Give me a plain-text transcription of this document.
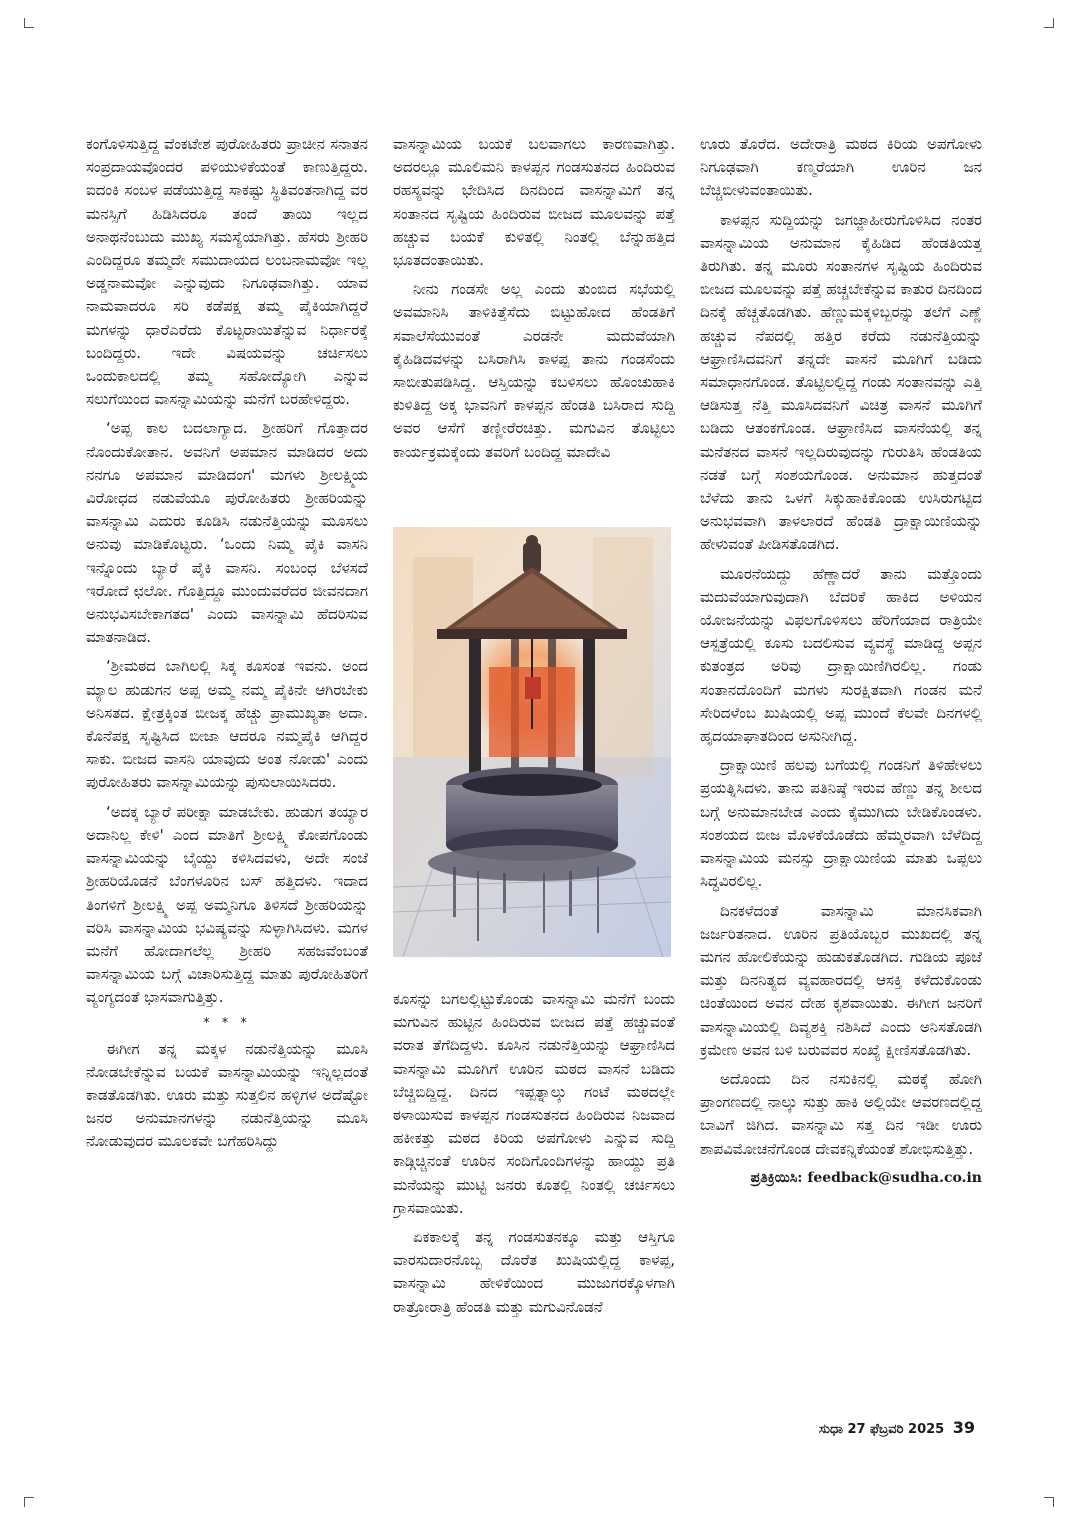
ಕಂಗೊಳಿಸುತ್ತಿದ್ದ ವೆಂಕಟೇಶ ಪುರೋಹಿತರು ಪ್ರಾಚೀನ ಸನಾತನ ಸಂಪ್ರದಾಯವೊಂದರ ಪಳಿಯುಳಿಕೆಯಂತೆ ಕಾಣುತ್ತಿದ್ದರು. ಐದಂಕಿ ಸಂಬಳ ಪಡೆಯುತ್ತಿದ್ದ ಸಾಕಷ್ಟು ಸ್ಥಿತಿವಂತನಾಗಿದ್ದ ವರ ಮನಸ್ಸಿಗೆ ಹಿಡಿಸಿದರೂ ತಂದೆ ತಾಯಿ ಇಲ್ಲದ ಅನಾಥನೆಂಬುದು ಮುಖ್ಯ ಸಮಸ್ಯೆಯಾಗಿತ್ತು. ಹೆಸರು ಶ್ರೀಹರಿ ಎಂದಿದ್ದರೂ ತಮ್ಮದೇ ಸಮುದಾಯದ ಲಂಬನಾಮವೋ ಇಲ್ಲ ಅಡ್ಡನಾಮವೋ ಎನ್ನುವುದು ನಿಗೂಢವಾಗಿತ್ತು. ಯಾವ ನಾಮವಾದರೂ ಸರಿ ಕಡೆಪಕ್ಷ ತಮ್ಮ ಪೈಕಿಯಾಗಿದ್ದರೆ ಮಗಳನ್ನು ಧಾರೆಎರೆದು ಕೊಟ್ಟರಾಯಿತೆನ್ನುವ ನಿರ್ಧಾರಕ್ಕೆ ಬಂದಿದ್ದರು. ಇದೇ ವಿಷಯವನ್ನು ಚರ್ಚಿಸಲು ಒಂದುಕಾಲದಲ್ಲಿ ತಮ್ಮ ಸಹೋದ್ಯೋಗಿ ಎನ್ನುವ ಸಲುಗೆಯಿಂದ ವಾಸನ್ನಾಮಿಯನ್ನು ಮನೆಗೆ ಬರಹೇಳಿದ್ದರು.

‘ಅಪ್ಪ ಕಾಲ ಬದಲಾಗ್ಯಾದ. ಶ್ರೀಹರಿಗೆ ಗೊತ್ತಾದರ ನೊಂದುಕೋತಾನ. ಅವನಿಗೆ ಅಪಮಾನ ಮಾಡಿದರ ಅದು ನನಗೂ ಅಪಮಾನ ಮಾಡಿದಂಗ' ಮಗಳು ಶ್ರೀಲಕ್ಷ್ಮಿಯ ವಿರೋಧದ ನಡುವೆಯೂ ಪುರೋಹಿತರು ಶ್ರೀಹರಿಯನ್ನು ವಾಸನ್ನಾಮಿ ಎದುರು ಕೂಡಿಸಿ ನಡುನೆತ್ತಿಯನ್ನು ಮೂಸಲು ಅನುವು ಮಾಡಿಕೊಟ್ಟರು. ‘ಒಂದು ನಿಮ್ಮ ಪೈಕಿ ವಾಸನಿ ಇನ್ನೊಂದು ಬ್ಯಾರೆ ಪೈಕಿ ವಾಸನಿ. ಸಂಬಂಧ ಬೆಳಸದೆ ಇರೋದೆ ಛಲೋ. ಗೊತ್ತಿದ್ದೂ ಮುಂದುವರೆದರ ಜೀವನದಾಗ ಅನುಭವಿಸಬೇಕಾಗತದ' ಎಂದು ವಾಸನ್ನಾಮಿ ಹೆದರಿಸುವ ಮಾತನಾಡಿದ.

‘ಶ್ರೀಮಠದ ಬಾಗಿಲಲ್ಲಿ ಸಿಕ್ಕ ಕೂಸಂತ ಇವನು. ಅಂದ ಮ್ಯಾಲ ಹುಡುಗನ ಅಪ್ಪ ಅಮ್ಮ ನಮ್ಮ ಪೈಕಿನೇ ಆಗಿರಬೇಕು ಅನಿಸತದ. ಕ್ಷೇತ್ರಕ್ಕಿಂತ ಬೀಜಕ್ಕ ಹೆಚ್ಚು ಪ್ರಾಮುಖ್ಯತಾ ಅದಾ. ಕೊನೆಪಕ್ಷ ಸೃಷ್ಟಿಸಿದ ಬೀಜಾ ಆದರೂ ನಮ್ಮಪೈಕಿ ಆಗಿದ್ದರ ಸಾಕು. ಬೀಜದ ವಾಸನಿ ಯಾವುದು ಅಂತ ನೋಡು' ಎಂದು ಪುರೋಹಿತರು ವಾಸನ್ನಾಮಿಯನ್ನು ಪುಸುಲಾಯಿಸಿದರು.

‘ಅದಕ್ಕ ಬ್ಯಾರೆ ಪರೀಕ್ಷಾ ಮಾಡಬೇಕು. ಹುಡುಗ ತಯ್ಯಾರ ಅದಾನಿಲ್ಲ ಕೇಳಿ' ಎಂದ ಮಾತಿಗೆ ಶ್ರೀಲಕ್ಷ್ಮಿ ಕೋಪಗೊಂಡು ವಾಸನ್ನಾಮಿಯನ್ನು ಬೈಯ್ದು ಕಳಿಸಿದವಳು, ಅದೇ ಸಂಜೆ ಶ್ರೀಹರಿಯೊಡನೆ ಬೆಂಗಳೂರಿನ ಬಸ್ ಹತ್ತಿದಳು. ಇದಾದ ತಿಂಗಳಿಗೆ ಶ್ರೀಲಕ್ಷ್ಮಿ ಅಪ್ಪ ಅಮ್ಮನಿಗೂ ತಿಳಿಸದೆ ಶ್ರೀಹರಿಯನ್ನು ವರಿಸಿ ವಾಸನ್ನಾಮಿಯ ಭವಿಷ್ಯವನ್ನು ಸುಳ್ಳಾಗಿಸಿದಳು. ಮಗಳ ಮನೆಗೆ ಹೋದಾಗಲೆಲ್ಲ ಶ್ರೀಹರಿ ಸಹಜವೆಂಬಂತೆ ವಾಸನ್ನಾಮಿಯ ಬಗ್ಗೆ ವಿಚಾರಿಸುತ್ತಿದ್ದ ಮಾತು ಪುರೋಹಿತರಿಗೆ ವ್ಯಂಗ್ಯದಂತೆ ಭಾಸವಾಗುತ್ತಿತ್ತು.

* * *

ಈಗೀಗ ತನ್ನ ಮಕ್ಕಳ ನಡುನೆತ್ತಿಯನ್ನು ಮೂಸಿ ನೋಡಬೇಕೆನ್ನುವ ಬಯಕೆ ವಾಸನ್ನಾಮಿಯನ್ನು ಇನ್ನಿಲ್ಲದಂತೆ ಕಾಡತೊಡಗಿತು. ಊರು ಮತ್ತು ಸುತ್ತಲಿನ ಹಳ್ಳಿಗಳ ಅದೆಷ್ಟೋ ಜನರ ಅನುಮಾನಗಳನ್ನು ನಡುನೆತ್ತಿಯನ್ನು ಮೂಸಿ ನೋಡುವುದರ ಮೂಲಕವೇ ಬಗೆಹರಿಸಿದ್ದು

ವಾಸನ್ನಾಮಿಯ ಬಯಕೆ ಬಲವಾಗಲು ಕಾರಣವಾಗಿತ್ತು. ಅದರಲ್ಲೂ ಮೂಲಿಮನಿ ಕಾಳಪ್ಪನ ಗಂಡಸುತನದ ಹಿಂದಿರುವ ರಹಸ್ಯವನ್ನು ಭೇದಿಸಿದ ದಿನದಿಂದ ವಾಸನ್ನಾಮಿಗೆ ತನ್ನ ಸಂತಾನದ ಸೃಷ್ಟಿಯ ಹಿಂದಿರುವ ಬೀಜದ ಮೂಲವನ್ನು ಪತ್ತೆ ಹಚ್ಚುವ ಬಯಕೆ ಕುಳಿತಲ್ಲಿ ನಿಂತಲ್ಲಿ ಬೆನ್ನುಹತ್ತಿದ ಭೂತದಂತಾಯಿತು.

ನೀನು ಗಂಡಸೇ ಅಲ್ಲ ಎಂದು ತುಂಬಿದ ಸಭೆಯಲ್ಲಿ ಅವಮಾನಿಸಿ ತಾಳಿಕಿತ್ತೆಸೆದು ಬಿಟ್ಟುಹೋದ ಹೆಂಡತಿಗೆ ಸವಾಲೆಸೆಯುವಂತೆ ಎರಡನೇ ಮದುವೆಯಾಗಿ ಕೈಹಿಡಿದವಳನ್ನು ಬಸಿರಾಗಿಸಿ ಕಾಳಪ್ಪ ತಾನು ಗಂಡಸೆಂದು ಸಾಬೀತುಪಡಿಸಿದ್ದ. ಆಸ್ತಿಯನ್ನು ಕಬಳಿಸಲು ಹೊಂಚುಹಾಕಿ ಕುಳಿತಿದ್ದ ಅಕ್ಕ ಭಾವನಿಗೆ ಕಾಳಪ್ಪನ ಹೆಂಡತಿ ಬಸಿರಾದ ಸುದ್ದಿ ಅವರ ಆಸೆಗೆ ತಣ್ಣೀರೆರಚಿತ್ತು. ಮಗುವಿನ ತೊಟ್ಟಿಲು ಕಾರ್ಯಕ್ರಮಕ್ಕೆಂದು ತವರಿಗೆ ಬಂದಿದ್ದ ಮಾದೇವಿ

ಕೂಸನ್ನು ಬಗಲಲ್ಲಿಟ್ಟುಕೊಂಡು ವಾಸನ್ನಾಮಿ ಮನೆಗೆ ಬಂದು ಮಗುವಿನ ಹುಟ್ಟಿನ ಹಿಂದಿರುವ ಬೀಜದ ಪತ್ತೆ ಹಚ್ಚುವಂತೆ ವರಾತ ತೆಗೆದಿದ್ದಳು. ಕೂಸಿನ ನಡುನೆತ್ತಿಯನ್ನು ಆಘ್ರಾಣಿಸಿದ ವಾಸನ್ನಾಮಿ ಮೂಗಿಗೆ ಊರಿನ ಮಠದ ವಾಸನೆ ಬಡಿದು ಬೆಚ್ಚಿಬಿದ್ದಿದ್ದ. ದಿನದ ಇಪ್ಪತ್ನಾಲ್ಕು ಗಂಟೆ ಮಠದಲ್ಲೇ ಠಳಾಯಿಸುವ ಕಾಳಪ್ಪನ ಗಂಡಸುತನದ ಹಿಂದಿರುವ ನಿಜವಾದ ಹಕೀಕತ್ತು ಮಠದ ಕಿರಿಯ ಅಪಗೋಳು ಎನ್ನುವ ಸುದ್ದಿ ಕಾಡ್ಗಿಚ್ಚಿನಂತೆ ಊರಿನ ಸಂದಿಗೊಂದಿಗಳನ್ನು ಹಾಯ್ದು ಪ್ರತಿ ಮನೆಯನ್ನು ಮುಟ್ಟಿ ಜನರು ಕೂತಲ್ಲಿ ನಿಂತಲ್ಲಿ ಚರ್ಚಿಸಲು ಗ್ರಾಸವಾಯಿತು.

ಏಕಕಾಲಕ್ಕೆ ತನ್ನ ಗಂಡಸುತನಕ್ಕೂ ಮತ್ತು ಆಸ್ತಿಗೂ ವಾರಸುದಾರನೊಬ್ಬ ದೊರೆತ ಖುಷಿಯಲ್ಲಿದ್ದ ಕಾಳಪ್ಪ, ವಾಸನ್ನಾಮಿ ಹೇಳಿಕೆಯಿಂದ ಮುಜುಗರಕ್ಕೊಳಗಾಗಿ ರಾತ್ರೋರಾತ್ರಿ ಹೆಂಡತಿ ಮತ್ತು ಮಗುವಿನೊಡನೆ

ಊರು ತೊರೆದ. ಅದೇರಾತ್ರಿ ಮಠದ ಕಿರಿಯ ಅಪಗೋಳು ನಿಗೂಢವಾಗಿ ಕಣ್ಮರೆಯಾಗಿ ಊರಿನ ಜನ ಬೆಚ್ಚಿಬೀಳುವಂತಾಯಿತು.

ಕಾಳಪ್ಪನ ಸುದ್ದಿಯನ್ನು ಜಗಜ್ಜಾಹೀರುಗೊಳಿಸಿದ ನಂತರ ವಾಸನ್ನಾಮಿಯ ಅನುಮಾನ ಕೈಹಿಡಿದ ಹೆಂಡತಿಯತ್ತ ತಿರುಗಿತು. ತನ್ನ ಮೂರು ಸಂತಾನಗಳ ಸೃಷ್ಟಿಯ ಹಿಂದಿರುವ ಬೀಜದ ಮೂಲವನ್ನು ಪತ್ತೆ ಹಚ್ಚಬೇಕೆನ್ನುವ ಕಾತುರ ದಿನದಿಂದ ದಿನಕ್ಕೆ ಹೆಚ್ಚತೊಡಗಿತು. ಹೆಣ್ಣುಮಕ್ಕಳಿಬ್ಬರನ್ನು ತಲೆಗೆ ಎಣ್ಣೆ ಹಚ್ಚುವ ನೆಪದಲ್ಲಿ ಹತ್ತಿರ ಕರೆದು ನಡುನೆತ್ತಿಯನ್ನು ಆಘ್ರಾಣಿಸಿದವನಿಗೆ ತನ್ನದೇ ವಾಸನೆ ಮೂಗಿಗೆ ಬಡಿದು ಸಮಾಧಾನಗೊಂಡ. ತೊಟ್ಟಿಲಲ್ಲಿದ್ದ ಗಂಡು ಸಂತಾನವನ್ನು ಎತ್ತಿ ಆಡಿಸುತ್ತ ನೆತ್ತಿ ಮೂಸಿದವನಿಗೆ ವಿಚಿತ್ರ ವಾಸನೆ ಮೂಗಿಗೆ ಬಡಿದು ಆತಂಕಗೊಂಡ. ಆಘ್ರಾಣಿಸಿದ ವಾಸನೆಯಲ್ಲಿ ತನ್ನ ಮನೆತನದ ವಾಸನೆ ಇಲ್ಲದಿರುವುದನ್ನು ಗುರುತಿಸಿ ಹೆಂಡತಿಯ ನಡತೆ ಬಗ್ಗೆ ಸಂಶಯಗೊಂಡ. ಅನುಮಾನ ಹುತ್ತದಂತೆ ಬೆಳೆದು ತಾನು ಒಳಗೆ ಸಿಕ್ಕುಹಾಕಿಕೊಂಡು ಉಸಿರುಗಟ್ಟಿದ ಅನುಭವವಾಗಿ ತಾಳಲಾರದೆ ಹೆಂಡತಿ ದ್ರಾಕ್ಷಾಯಿಣಿಯನ್ನು ಹೇಳುವಂತೆ ಪೀಡಿಸತೊಡಗಿದ.

ಮೂರನೆಯದ್ದು ಹೆಣ್ಣಾದರೆ ತಾನು ಮತ್ತೊಂದು ಮದುವೆಯಾಗುವುದಾಗಿ ಬೆದರಿಕೆ ಹಾಕಿದ ಅಳಿಯನ ಯೋಜನೆಯನ್ನು ವಿಫಲಗೊಳಿಸಲು ಹೆರಿಗೆಯಾದ ರಾತ್ರಿಯೇ ಆಸ್ಪತ್ರೆಯಲ್ಲಿ ಕೂಸು ಬದಲಿಸುವ ವ್ಯವಸ್ಥೆ ಮಾಡಿದ್ದ ಅಪ್ಪನ ಕುತಂತ್ರದ ಅರಿವು ದ್ರಾಕ್ಷಾಯಿಣಿಗಿರಲಿಲ್ಲ. ಗಂಡು ಸಂತಾನದೊಂದಿಗೆ ಮಗಳು ಸುರಕ್ಷಿತವಾಗಿ ಗಂಡನ ಮನೆ ಸೇರಿದಳೆಂಬ ಖುಷಿಯಲ್ಲಿ ಅಪ್ಪ ಮುಂದೆ ಕೆಲವೇ ದಿನಗಳಲ್ಲಿ ಹೃದಯಾಘಾತದಿಂದ ಅಸುನೀಗಿದ್ದ.

ದ್ರಾಕ್ಷಾಯಿಣಿ ಹಲವು ಬಗೆಯಲ್ಲಿ ಗಂಡನಿಗೆ ತಿಳಿಹೇಳಲು ಪ್ರಯತ್ನಿಸಿದಳು. ತಾನು ಪತಿನಿಷ್ಠೆ ಇರುವ ಹೆಣ್ಣು ತನ್ನ ಶೀಲದ ಬಗ್ಗೆ ಅನುಮಾನಬೇಡ ಎಂದು ಕೈಮುಗಿದು ಬೇಡಿಕೊಂಡಳು. ಸಂಶಯದ ಬೀಜ ಮೊಳಕೆಯೊಡೆದು ಹೆಮ್ಮರವಾಗಿ ಬೆಳೆದಿದ್ದ ವಾಸನ್ನಾಮಿಯ ಮನಸ್ಸು ದ್ರಾಕ್ಷಾಯಿಣಿಯ ಮಾತು ಒಪ್ಪಲು ಸಿದ್ಧವಿರಲಿಲ್ಲ.

ದಿನಕಳೆದಂತೆ ವಾಸನ್ನಾಮಿ ಮಾನಸಿಕವಾಗಿ ಜರ್ಜರಿತನಾದ. ಊರಿನ ಪ್ರತಿಯೊಬ್ಬರ ಮುಖದಲ್ಲಿ ತನ್ನ ಮಗನ ಹೋಲಿಕೆಯನ್ನು ಹುಡುಕತೊಡಗಿದ. ಗುಡಿಯ ಪೂಜೆ ಮತ್ತು ದಿನನಿತ್ಯದ ವ್ಯವಹಾರದಲ್ಲಿ ಆಸಕ್ತಿ ಕಳೆದುಕೊಂಡು ಚಿಂತೆಯಿಂದ ಅವನ ದೇಹ ಕೃಶವಾಯಿತು. ಈಗೀಗ ಜನರಿಗೆ ವಾಸನ್ನಾಮಿಯಲ್ಲಿ ದಿವ್ಯಶಕ್ತಿ ನಶಿಸಿದೆ ಎಂದು ಅನಿಸತೊಡಗಿ ಕ್ರಮೇಣ ಅವನ ಬಳಿ ಬರುವವರ ಸಂಖ್ಯೆ ಕ್ಷೀಣಿಸತೊಡಗಿತು.

ಅದೊಂದು ದಿನ ನಸುಕಿನಲ್ಲಿ ಮಠಕ್ಕೆ ಹೋಗಿ ಪ್ರಾಂಗಣದಲ್ಲಿ ನಾಲ್ಕು ಸುತ್ತು ಹಾಕಿ ಅಲ್ಲಿಯೇ ಆವರಣದಲ್ಲಿದ್ದ ಬಾವಿಗೆ ಜಿಗಿದ. ವಾಸನ್ನಾಮಿ ಸತ್ತ ದಿನ ಇಡೀ ಊರು ಶಾಪವಿಮೋಚನೆಗೊಂಡ ದೇವಕನ್ನಿಕೆಯಂತೆ ಶೋಭಿಸುತ್ತಿತ್ತು.

ಪ್ರತಿಕ್ರಿಯಿಸಿ: feedback@sudha.co.in

ಸುಧಾ 27 ಫೆಬ್ರವರಿ 2025 39
